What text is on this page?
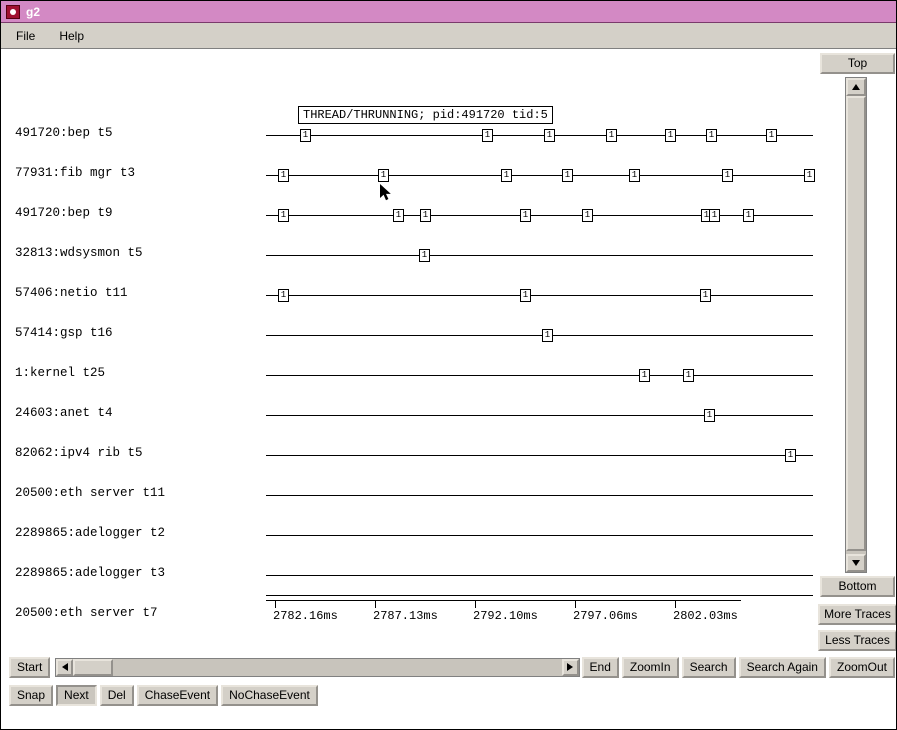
g2
File	Help
491720:bep t5	1	1	1	1	1	1	1
77931:fib mgr t3	1	1	1	1	1	1	1
491720:bep t9	1	1	1	1	1	1 1	1
32813:wdsysmon t5	1
57406:netio t11	1	1	1
57414:gsp t16	1
1:kernel t25	1	1
24603:anet t4	1
82062:ipv4 rib t5	1
20500:eth server t11
2289865:adelogger t2
2289865:adelogger t3
20500:eth server t7	2782.16ms	2787.13ms	2792.10ms	2797.06ms	2802.03ms
THREAD/THRUNNING; pid:491720 tid:5
Top
Bottom
More Traces
Less Traces
Start	End	ZoomIn	Search	Search Again	ZoomOut
Snap	Next	Del	ChaseEvent	NoChaseEvent
